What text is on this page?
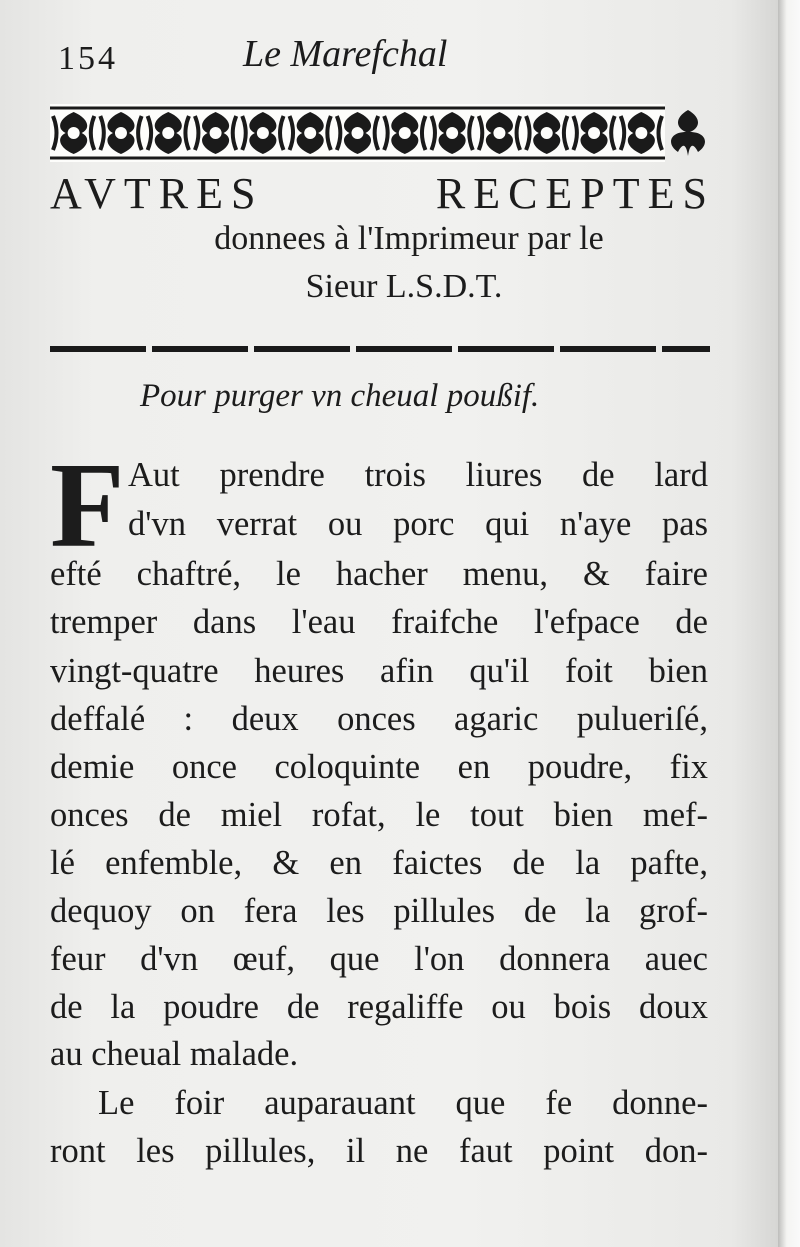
154	Le Marefchal
AVTRES RECEPTES
donnees à l'Imprimeur par le
Sieur L.S.D.T.
Pour purger vn cheual poußif.
F Aut prendre trois liures de lard
d'vn verrat ou porc qui n'aye pas
efté chaftré, le hacher menu, & faire
tremper dans l'eau fraifche l'efpace de
vingt-quatre heures afin qu'il foit bien
deffalé : deux onces agaric pulueriſé,
demie once coloquinte en poudre, fix
onces de miel rofat, le tout bien mef-
lé enfemble, & en faictes de la pafte,
dequoy on fera les pillules de la grof-
feur d'vn œuf, que l'on donnera auec
de la poudre de regaliffe ou bois doux
au cheual malade.
Le foir auparauant que fe donne-
ront les pillules, il ne faut point don-
